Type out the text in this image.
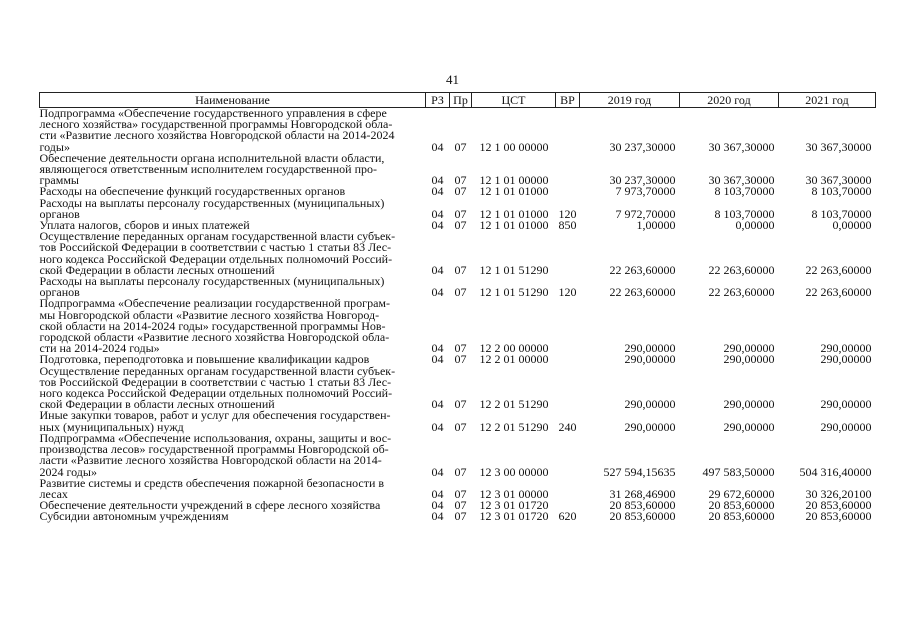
41
Наименование	РЗ	Пр	ЦСТ	ВР	2019 год	2020 год	2021 год

Подпрограмма «Обеспечение государственного управления в сфере
лесного хозяйства» государственной программы Новгородской обла-
сти «Развитие лесного хозяйства Новгородской области на 2014-2024
годы»	04	07	12 1 00 00000		30 237,30000	30 367,30000	30 367,30000

Обеспечение деятельности органа исполнительной власти области,
являющегося ответственным исполнителем государственной про-
граммы	04	07	12 1 01 00000		30 237,30000	30 367,30000	30 367,30000

Расходы на обеспечение функций государственных органов	04	07	12 1 01 01000		7 973,70000	8 103,70000	8 103,70000

Расходы на выплаты персоналу государственных (муниципальных)
органов	04	07	12 1 01 01000	120	7 972,70000	8 103,70000	8 103,70000

Уплата налогов, сборов и иных платежей	04	07	12 1 01 01000	850	1,00000	0,00000	0,00000

Осуществление переданных органам государственной власти субъек-
тов Российской Федерации в соответствии с частью 1 статьи 83 Лес-
ного кодекса Российской Федерации отдельных полномочий Россий-
ской Федерации в области лесных отношений	04	07	12 1 01 51290		22 263,60000	22 263,60000	22 263,60000

Расходы на выплаты персоналу государственных (муниципальных)
органов	04	07	12 1 01 51290	120	22 263,60000	22 263,60000	22 263,60000

Подпрограмма «Обеспечение реализации государственной програм-
мы Новгородской области «Развитие лесного хозяйства Новгород-
ской области на 2014-2024 годы» государственной программы Нов-
городской области «Развитие лесного хозяйства Новгородской обла-
сти на 2014-2024 годы»	04	07	12 2 00 00000		290,00000	290,00000	290,00000

Подготовка, переподготовка и повышение квалификации кадров	04	07	12 2 01 00000		290,00000	290,00000	290,00000

Осуществление переданных органам государственной власти субъек-
тов Российской Федерации в соответствии с частью 1 статьи 83 Лес-
ного кодекса Российской Федерации отдельных полномочий Россий-
ской Федерации в области лесных отношений	04	07	12 2 01 51290		290,00000	290,00000	290,00000

Иные закупки товаров, работ и услуг для обеспечения государствен-
ных (муниципальных) нужд	04	07	12 2 01 51290	240	290,00000	290,00000	290,00000

Подпрограмма «Обеспечение использования, охраны, защиты и вос-
производства лесов» государственной программы Новгородской об-
ласти «Развитие лесного хозяйства Новгородской области на 2014-
2024 годы»	04	07	12 3 00 00000		527 594,15635	497 583,50000	504 316,40000

Развитие системы и средств обеспечения пожарной безопасности в
лесах	04	07	12 3 01 00000		31 268,46900	29 672,60000	30 326,20100

Обеспечение деятельности учреждений в сфере лесного хозяйства	04	07	12 3 01 01720		20 853,60000	20 853,60000	20 853,60000

Субсидии автономным учреждениям	04	07	12 3 01 01720	620	20 853,60000	20 853,60000	20 853,60000
